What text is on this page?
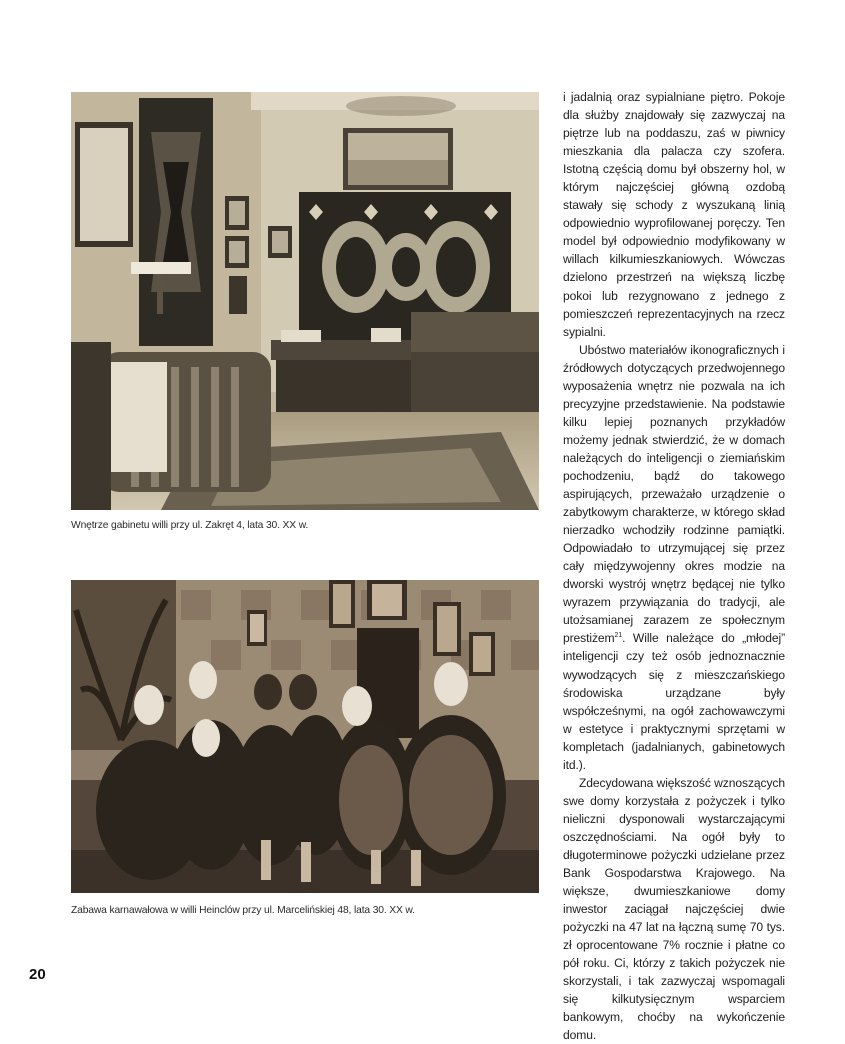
Wnętrze gabinetu willi przy ul. Zakręt 4, lata 30. XX w.
Zabawa karnawałowa w willi Heinclów przy ul. Marcelińskiej 48, lata 30. XX w.

i jadalnią oraz sypialniane piętro. Pokoje dla służby znajdowały się zazwyczaj na piętrze lub na poddaszu, zaś w piwnicy mieszkania dla palacza czy szofera. Istotną częścią domu był obszerny hol, w którym najczęściej główną ozdobą stawały się schody z wyszukaną linią odpowiednio wyprofilowanej poręczy. Ten model był odpowiednio modyfikowany w willach kilkumieszkaniowych. Wówczas dzielono przestrzeń na większą liczbę pokoi lub rezygnowano z jednego z pomieszczeń reprezentacyjnych na rzecz sypialni.

Ubóstwo materiałów ikonograficznych i źródłowych dotyczących przedwojennego wyposażenia wnętrz nie pozwala na ich precyzyjne przedstawienie. Na podstawie kilku lepiej poznanych przykładów możemy jednak stwierdzić, że w domach należących do inteligencji o ziemiańskim pochodzeniu, bądź do takowego aspirujących, przeważało urządzenie o zabytkowym charakterze, w którego skład nierzadko wchodziły rodzinne pamiątki. Odpowiadało to utrzymującej się przez cały międzywojenny okres modzie na dworski wystrój wnętrz będącej nie tylko wyrazem przywiązania do tradycji, ale utożsamianej zarazem ze społecznym prestiżem$^{21}$. Wille należące do „młodej” inteligencji czy też osób jednoznacznie wywodzących się z mieszczańskiego środowiska urządzane były współcześnymi, na ogół zachowawczymi w estetyce i praktycznymi sprzętami w kompletach (jadalnianych, gabinetowych itd.).

Zdecydowana większość wznoszących swe domy korzystała z pożyczek i tylko nieliczni dysponowali wystarczającymi oszczędnościami. Na ogół były to długoterminowe pożyczki udzielane przez Bank Gospodarstwa Krajowego. Na większe, dwumieszkaniowe domy inwestor zaciągał najczęściej dwie pożyczki na 47 lat na łączną sumę 70 tys. zł oprocentowane 7% rocznie i płatne co pół roku. Ci, którzy z takich pożyczek nie skorzystali, i tak zazwyczaj wspomagali się kilkutysięcznym wsparciem bankowym, choćby na wykończenie domu.

20
